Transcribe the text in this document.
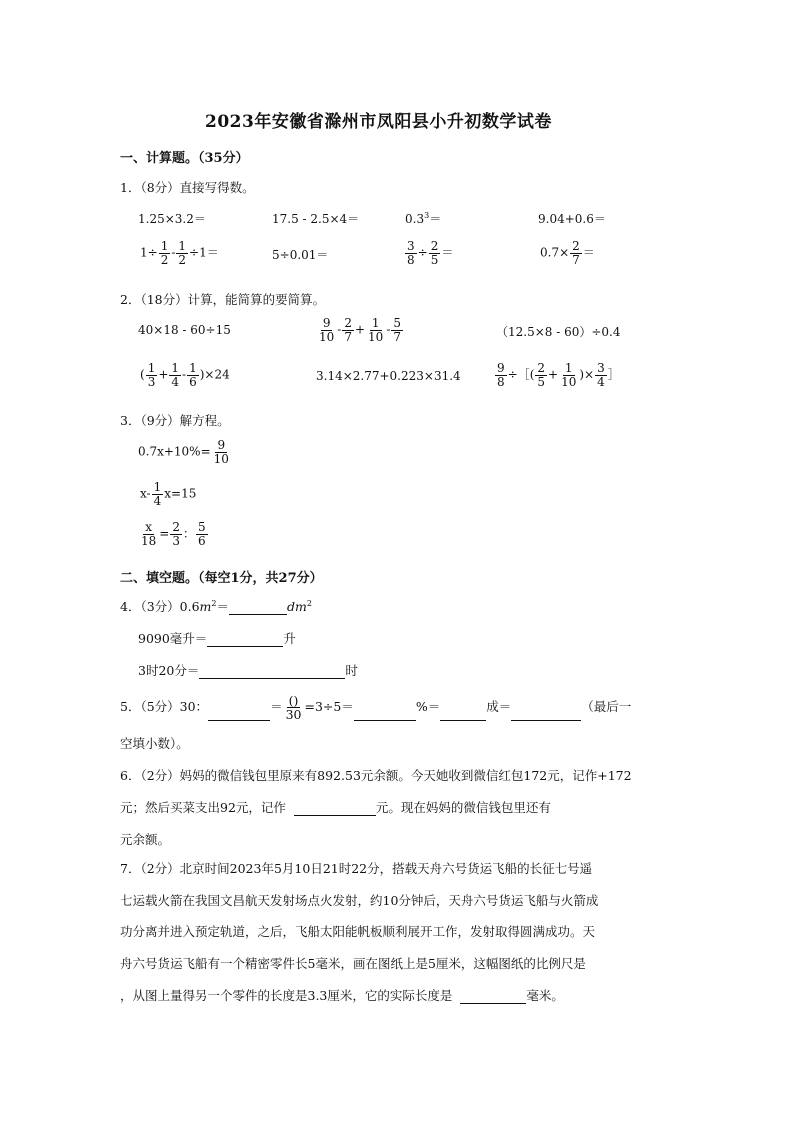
2023年安徽省滁州市凤阳县小升初数学试卷
一、计算题。（35分）
1．（8分）直接写得数。
1.25×3.2＝	17.5 - 2.5×4＝	$0.3^3=$	9.04+0.6＝
$1\div \frac{1}{2} - \frac{1}{2} \div 1=$	5÷0.01＝	$\frac{3}{8} \div \frac{2}{5}$ ＝	$0.7\times \frac{2}{7}$ ＝
2．（18分）计算，能简算的要简算。
40×18 - 60÷15	$\frac{9}{10} - \frac{2}{7} + \frac{1}{10} - \frac{5}{7}$	（12.5×8 - 60）÷0.4
( $\frac{1}{3} + \frac{1}{4} - \frac{1}{6} )\times 24$	3.14×2.77+0.223×31.4	$\frac{9}{8}$ ÷［( $\frac{2}{5} + \frac{1}{10}$ )× $\frac{3}{4}$ ］
3．（9分）解方程。
$0.7x+10\%= \frac{9}{10}$
$x- \frac{1}{4} x=15$
$\frac{x}{18} = \frac{2}{3}$ ： $\frac{5}{6}$
二、填空题。（每空1分，共27分）
4．（3分）$0.6m^2=$	$dm^2$
9090毫升＝	升
3时20分＝	时
5．（5分）30：	＝ $\frac{()}{30} =3\div 5=$	%＝	成＝	（最后一
空填小数）。
6．（2分）妈妈的微信钱包里原来有892.53元余额。今天她收到微信红包172元，记作+172
元；然后买菜支出92元，记作	元。现在妈妈的微信钱包里还有
元余额。
7．（2分）北京时间2023年5月10日21时22分，搭载天舟六号货运飞船的长征七号遥
七运载火箭在我国文昌航天发射场点火发射，约10分钟后，天舟六号货运飞船与火箭成
功分离并进入预定轨道，之后，飞船太阳能帆板顺利展开工作，发射取得圆满成功。天
舟六号货运飞船有一个精密零件长5毫米，画在图纸上是5厘米，这幅图纸的比例尺是
，从图上量得另一个零件的长度是3.3厘米，它的实际长度是	毫米。
